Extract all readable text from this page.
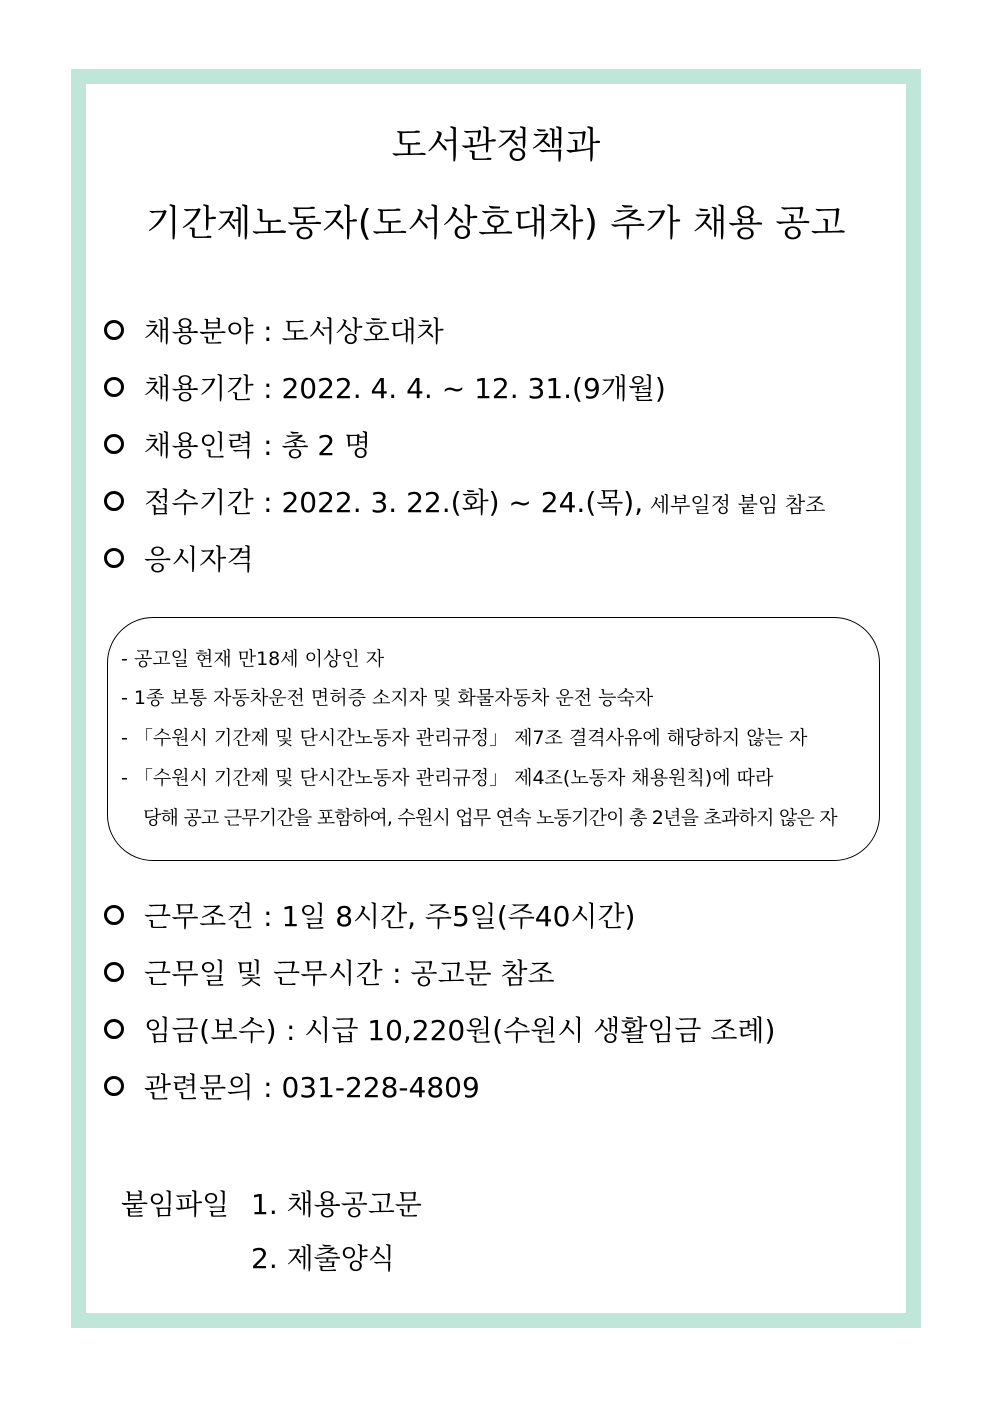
도서관정책과
기간제노동자(도서상호대차) 추가 채용 공고
채용분야 : 도서상호대차
채용기간 : 2022. 4. 4. ~ 12. 31.(9개월)
채용인력 : 총 2 명
접수기간 : 2022. 3. 22.(화) ~ 24.(목), 세부일정 붙임 참조
응시자격
- 공고일 현재 만18세 이상인 자
- 1종 보통 자동차운전 면허증 소지자 및 화물자동차 운전 능숙자
- 「수원시 기간제 및 단시간노동자 관리규정」 제7조 결격사유에 해당하지 않는 자
- 「수원시 기간제 및 단시간노동자 관리규정」 제4조(노동자 채용원칙)에 따라
당해 공고 근무기간을 포함하여, 수원시 업무 연속 노동기간이 총 2년을 초과하지 않은 자
근무조건 : 1일 8시간, 주5일(주40시간)
근무일 및 근무시간 : 공고문 참조
임금(보수) : 시급 10,220원(수원시 생활임금 조례)
관련문의 : 031-228-4809
붙임파일 1. 채용공고문
2. 제출양식
